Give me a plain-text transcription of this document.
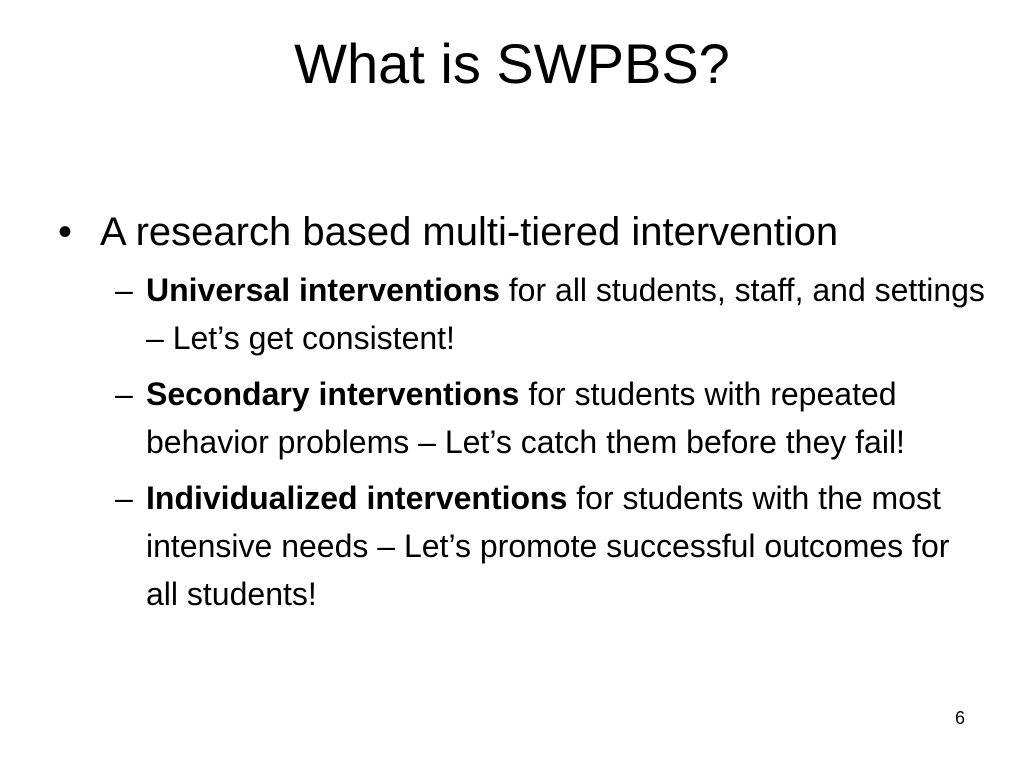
What is SWPBS?
• A research based multi-tiered intervention
– Universal interventions for all students, staff, and settings – Let’s get consistent!
– Secondary interventions for students with repeated behavior problems – Let’s catch them before they fail!
– Individualized interventions for students with the most intensive needs – Let’s promote successful outcomes for all students!
6
